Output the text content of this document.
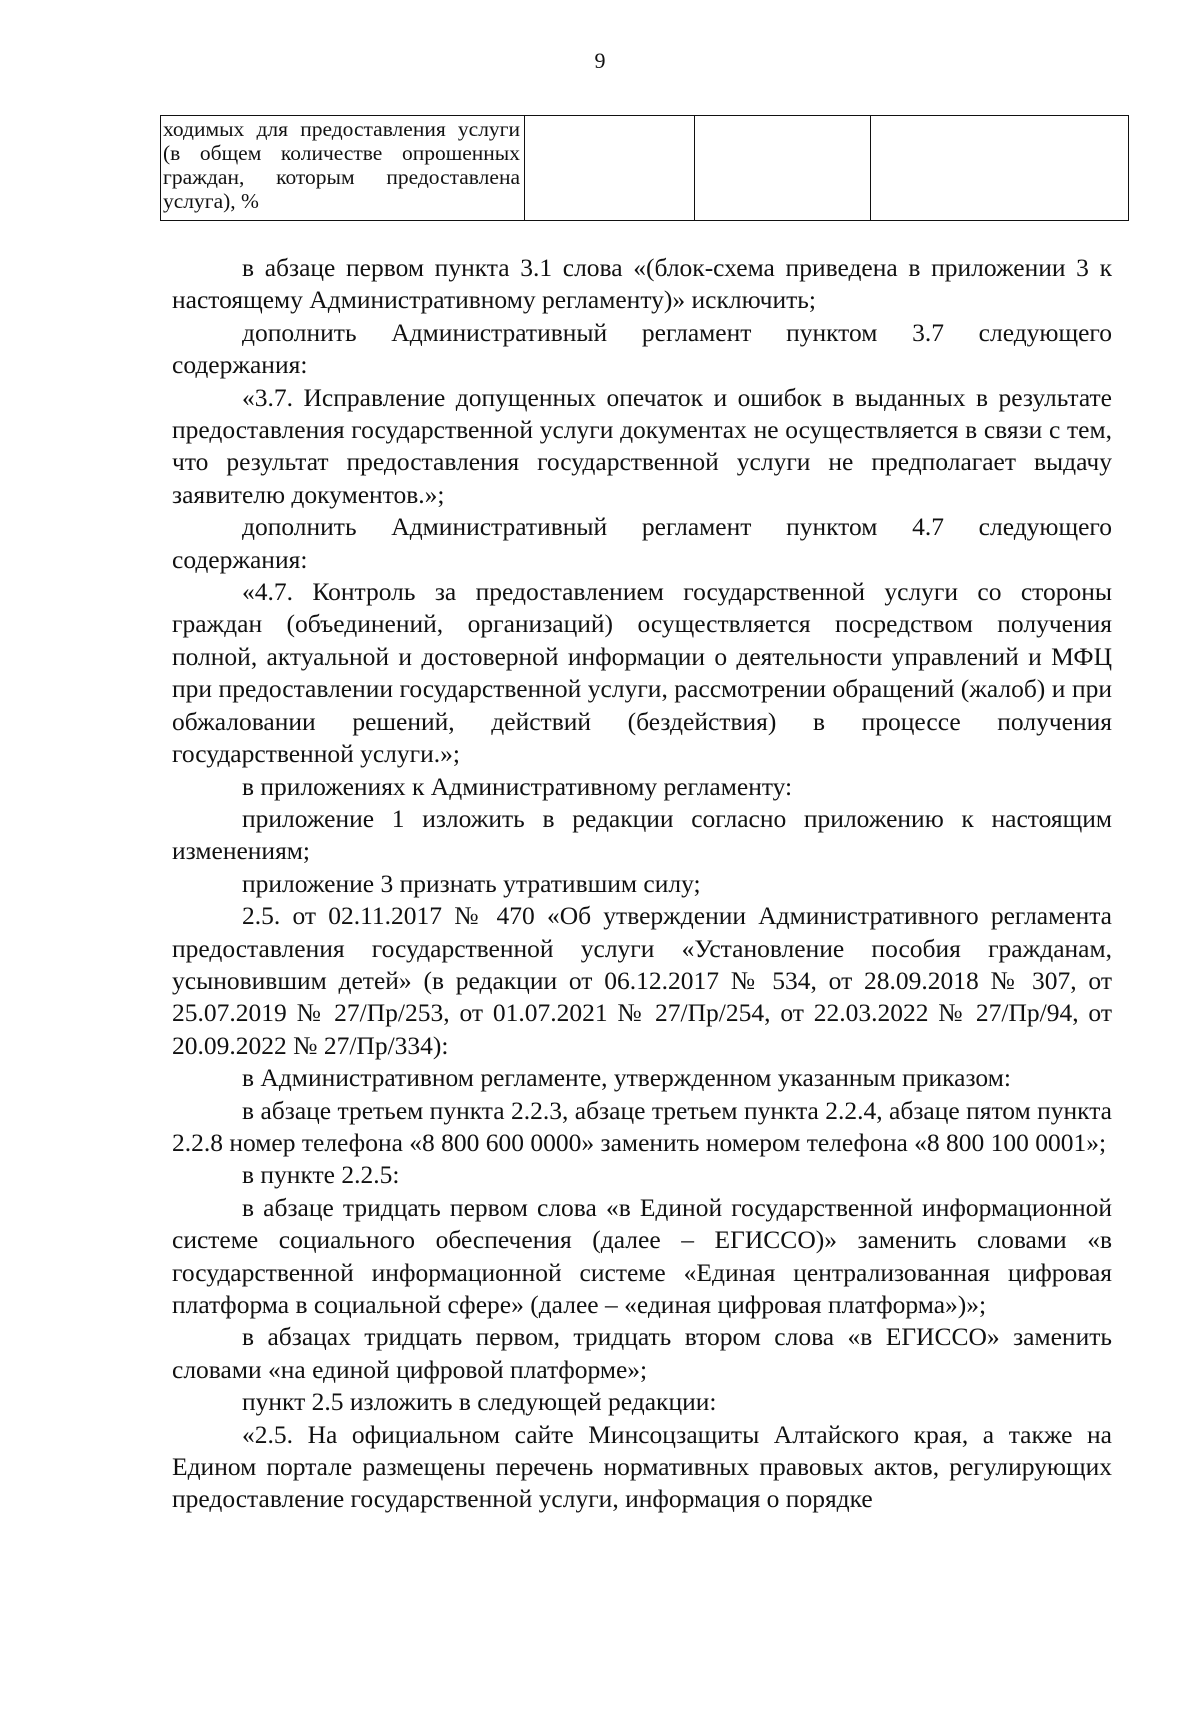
9
ходимых для предоставления услуги
(в общем количестве опрошенных
граждан, которым предоставлена
услуга), %

в абзаце первом пункта 3.1 слова «(блок-схема приведена в приложении 3 к настоящему Административному регламенту)» исключить;

дополнить Административный регламент пунктом 3.7 следующего содержания:

«3.7. Исправление допущенных опечаток и ошибок в выданных в результате предоставления государственной услуги документах не осуществляется в связи с тем, что результат предоставления государственной услуги не предполагает выдачу заявителю документов.»;

дополнить Административный регламент пунктом 4.7 следующего содержания:

«4.7. Контроль за предоставлением государственной услуги со стороны граждан (объединений, организаций) осуществляется посредством получения полной, актуальной и достоверной информации о деятельности управлений и МФЦ при предоставлении государственной услуги, рассмотрении обращений (жалоб) и при обжаловании решений, действий (бездействия) в процессе получения государственной услуги.»;

в приложениях к Административному регламенту:

приложение 1 изложить в редакции согласно приложению к настоящим изменениям;

приложение 3 признать утратившим силу;

2.5. от 02.11.2017 № 470 «Об утверждении Административного регламента предоставления государственной услуги «Установление пособия гражданам, усыновившим детей» (в редакции от 06.12.2017 № 534, от 28.09.2018 № 307, от 25.07.2019 № 27/Пр/253, от 01.07.2021 № 27/Пр/254, от 22.03.2022 № 27/Пр/94, от 20.09.2022 № 27/Пр/334):

в Административном регламенте, утвержденном указанным приказом:

в абзаце третьем пункта 2.2.3, абзаце третьем пункта 2.2.4, абзаце пятом пункта 2.2.8 номер телефона «8 800 600 0000» заменить номером телефона «8 800 100 0001»;

в пункте 2.2.5:

в абзаце тридцать первом слова «в Единой государственной информационной системе социального обеспечения (далее – ЕГИССО)» заменить словами «в государственной информационной системе «Единая централизованная цифровая платформа в социальной сфере» (далее – «единая цифровая платформа»)»;

в абзацах тридцать первом, тридцать втором слова «в ЕГИССО» заменить словами «на единой цифровой платформе»;

пункт 2.5 изложить в следующей редакции:

«2.5. На официальном сайте Минсоцзащиты Алтайского края, а также на Едином портале размещены перечень нормативных правовых актов, регулирующих предоставление государственной услуги, информация о порядке
